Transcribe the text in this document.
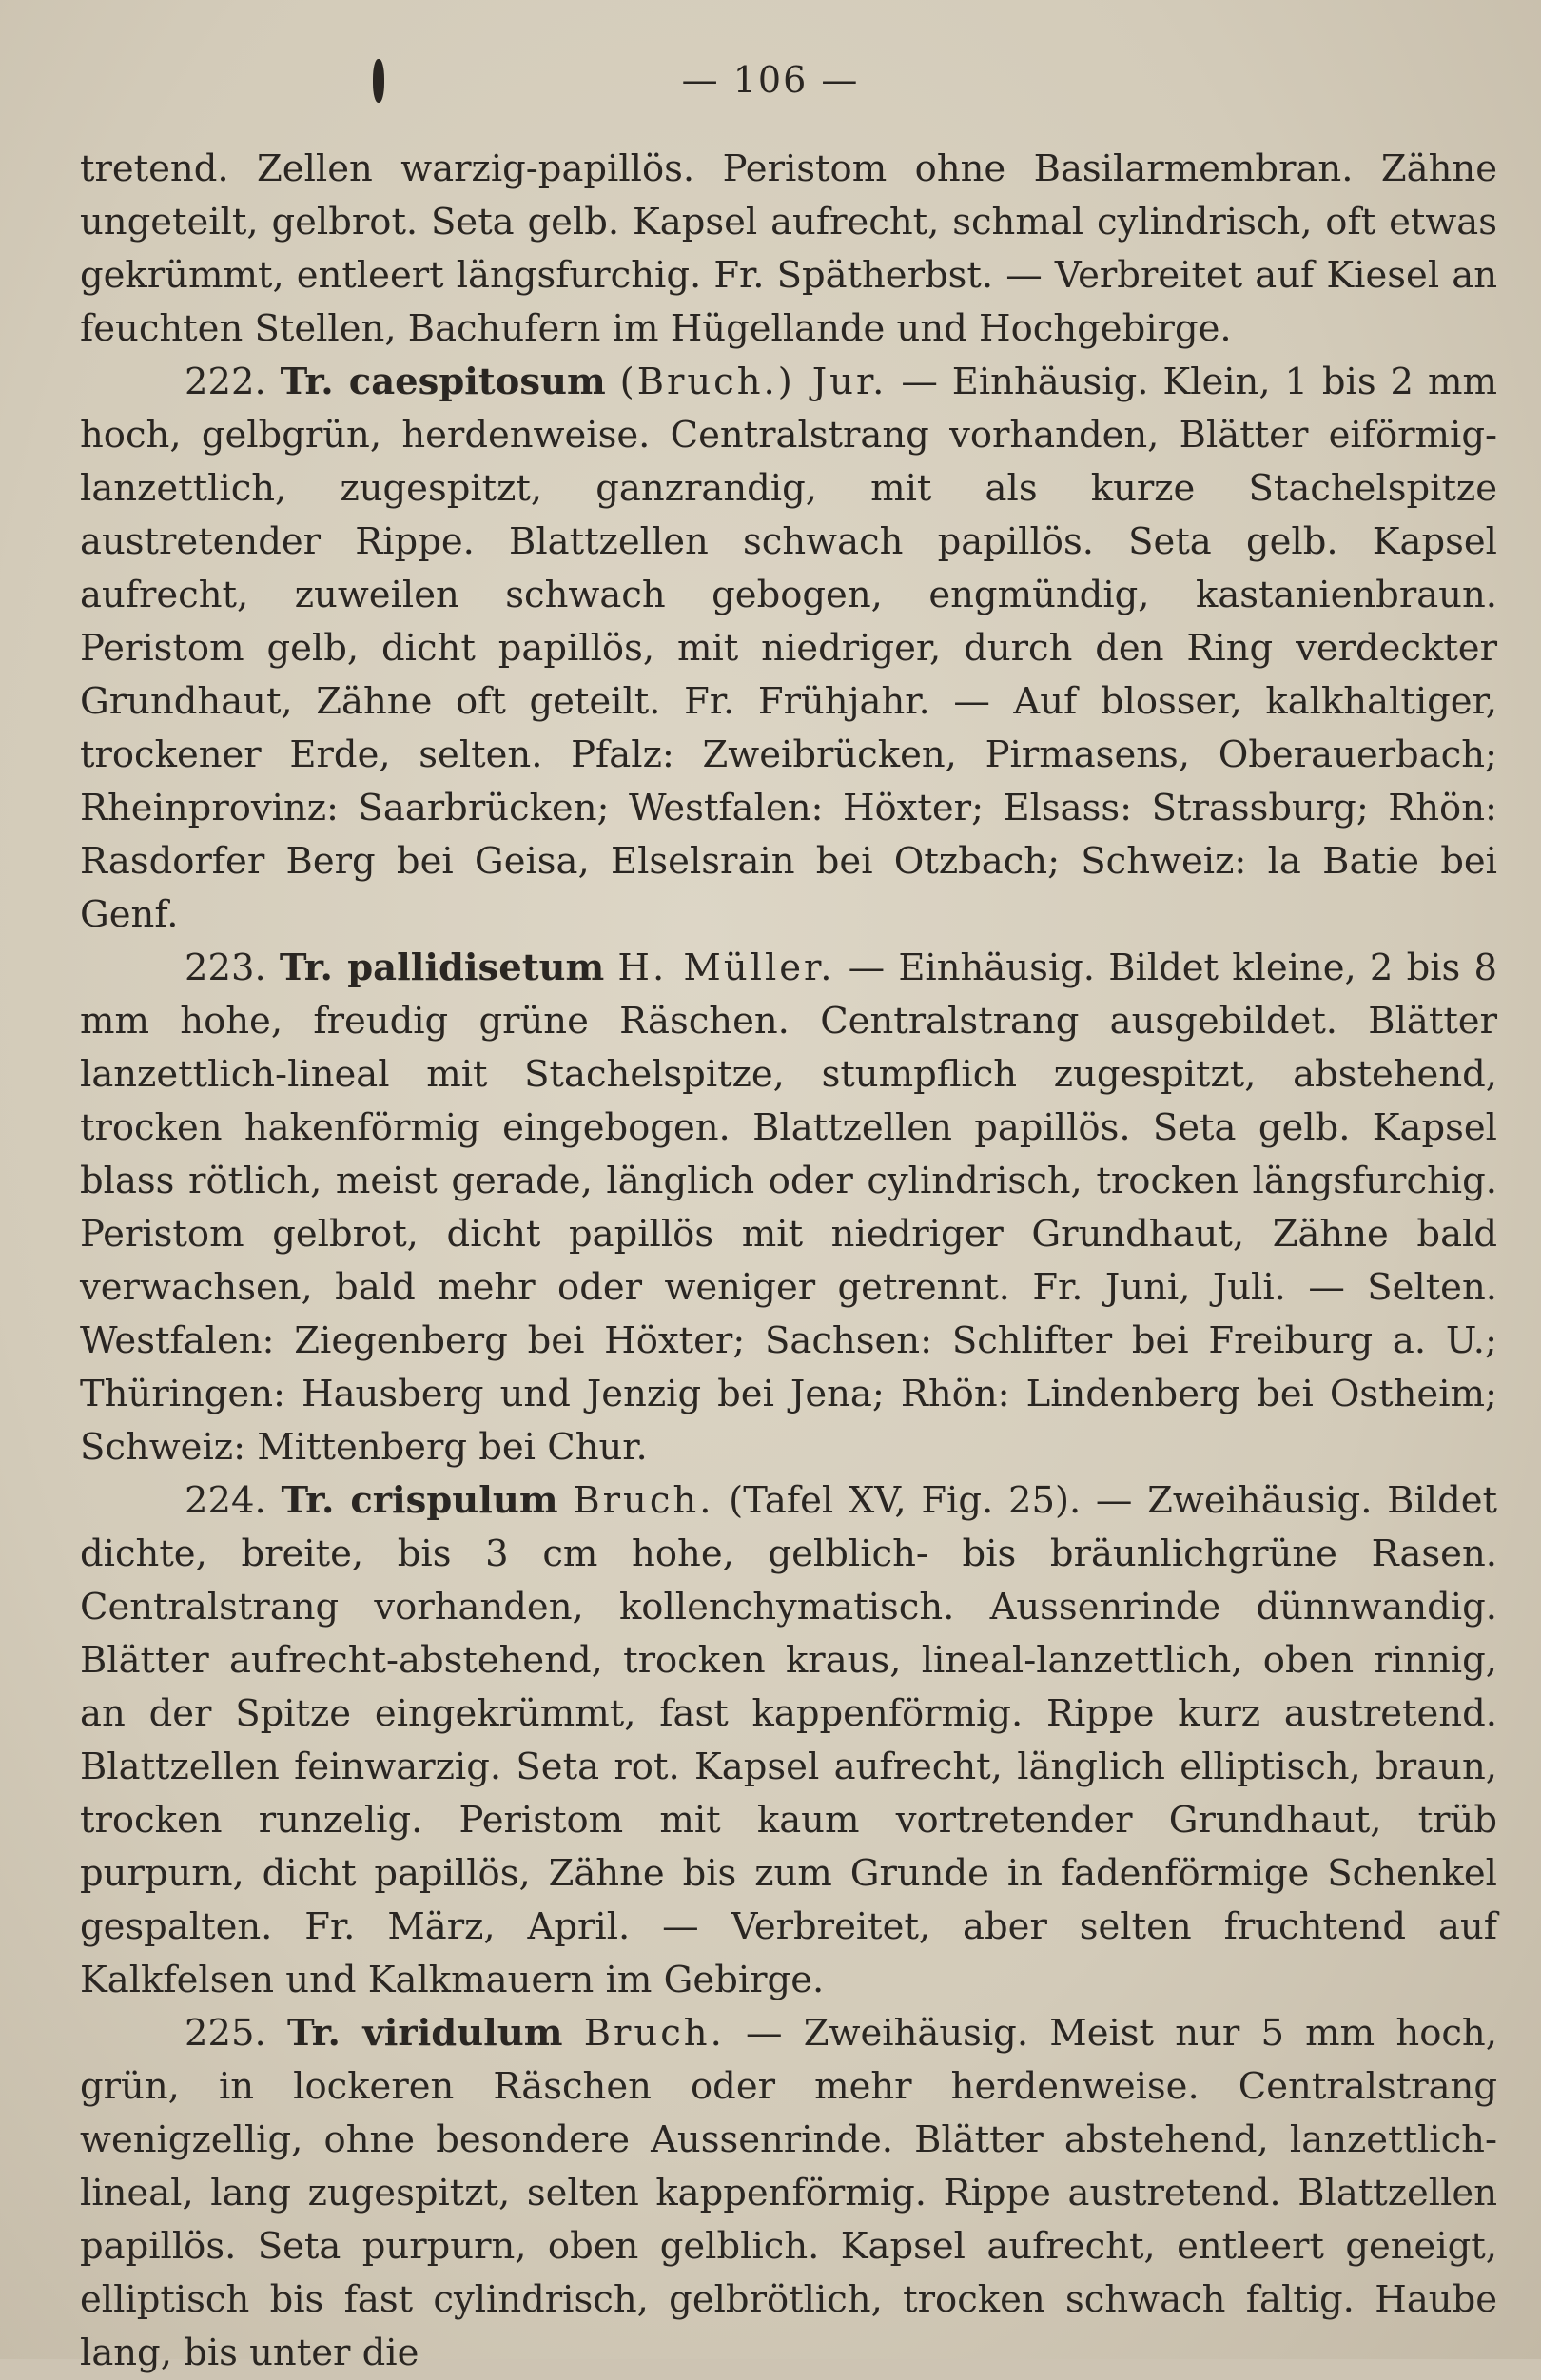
— 106 —

tretend. Zellen warzig-papillös. Peristom ohne Basilarmembran. Zähne ungeteilt, gelbrot. Seta gelb. Kapsel aufrecht, schmal cylindrisch, oft etwas gekrümmt, entleert längsfurchig. Fr. Spätherbst. — Verbreitet auf Kiesel an feuchten Stellen, Bachufern im Hügellande und Hochgebirge.

222. Tr. caespitosum (Bruch.) Jur. — Einhäusig. Klein, 1 bis 2 mm hoch, gelbgrün, herdenweise. Centralstrang vorhanden, Blätter eiförmig-lanzettlich, zugespitzt, ganzrandig, mit als kurze Stachelspitze austretender Rippe. Blattzellen schwach papillös. Seta gelb. Kapsel aufrecht, zuweilen schwach gebogen, engmündig, kastanienbraun. Peristom gelb, dicht papillös, mit niedriger, durch den Ring verdeckter Grundhaut, Zähne oft geteilt. Fr. Frühjahr. — Auf blosser, kalkhaltiger, trockener Erde, selten. Pfalz: Zweibrücken, Pirmasens, Oberauerbach; Rheinprovinz: Saarbrücken; Westfalen: Höxter; Elsass: Strassburg; Rhön: Rasdorfer Berg bei Geisa, Elselsrain bei Otzbach; Schweiz: la Batie bei Genf.

223. Tr. pallidisetum H. Müller. — Einhäusig. Bildet kleine, 2 bis 8 mm hohe, freudig grüne Räschen. Centralstrang ausgebildet. Blätter lanzettlich-lineal mit Stachelspitze, stumpflich zugespitzt, abstehend, trocken hakenförmig eingebogen. Blattzellen papillös. Seta gelb. Kapsel blass rötlich, meist gerade, länglich oder cylindrisch, trocken längsfurchig. Peristom gelbrot, dicht papillös mit niedriger Grundhaut, Zähne bald verwachsen, bald mehr oder weniger getrennt. Fr. Juni, Juli. — Selten. Westfalen: Ziegenberg bei Höxter; Sachsen: Schlifter bei Freiburg a. U.; Thüringen: Hausberg und Jenzig bei Jena; Rhön: Lindenberg bei Ostheim; Schweiz: Mittenberg bei Chur.

224. Tr. crispulum Bruch. (Tafel XV, Fig. 25). — Zweihäusig. Bildet dichte, breite, bis 3 cm hohe, gelblich- bis bräunlichgrüne Rasen. Centralstrang vorhanden, kollenchymatisch. Aussenrinde dünnwandig. Blätter aufrecht-abstehend, trocken kraus, lineal-lanzettlich, oben rinnig, an der Spitze eingekrümmt, fast kappenförmig. Rippe kurz austretend. Blattzellen feinwarzig. Seta rot. Kapsel aufrecht, länglich elliptisch, braun, trocken runzelig. Peristom mit kaum vortretender Grundhaut, trüb purpurn, dicht papillös, Zähne bis zum Grunde in fadenförmige Schenkel gespalten. Fr. März, April. — Verbreitet, aber selten fruchtend auf Kalkfelsen und Kalkmauern im Gebirge.

225. Tr. viridulum Bruch. — Zweihäusig. Meist nur 5 mm hoch, grün, in lockeren Räschen oder mehr herdenweise. Centralstrang wenigzellig, ohne besondere Aussenrinde. Blätter abstehend, lanzettlich-lineal, lang zugespitzt, selten kappenförmig. Rippe austretend. Blattzellen papillös. Seta purpurn, oben gelblich. Kapsel aufrecht, entleert geneigt, elliptisch bis fast cylindrisch, gelbrötlich, trocken schwach faltig. Haube lang, bis unter die
